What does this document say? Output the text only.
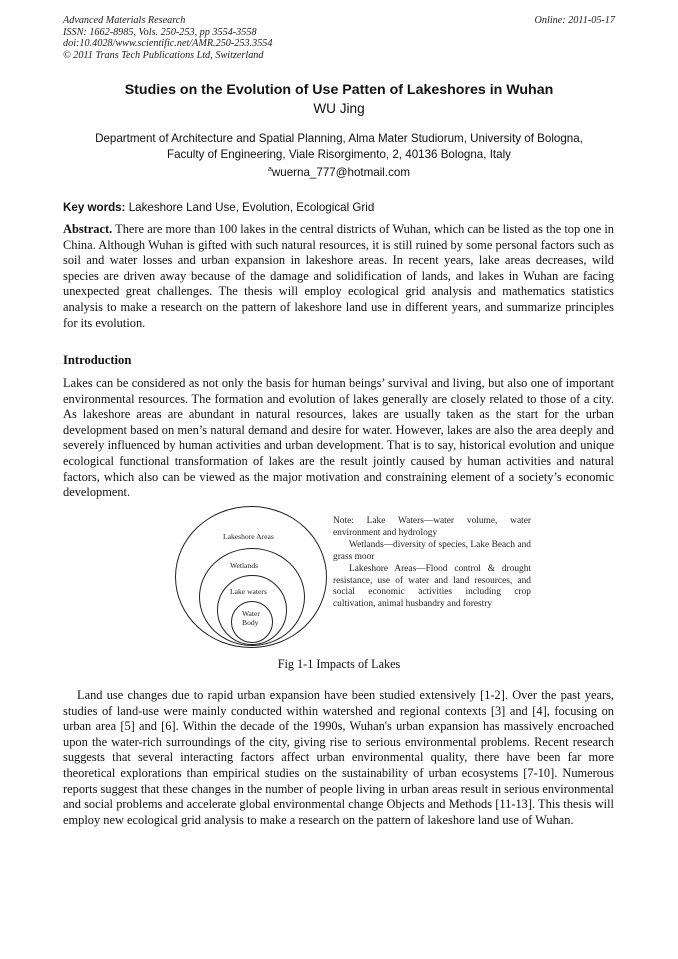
Advanced Materials Research
ISSN: 1662-8985, Vols. 250-253, pp 3554-3558
doi:10.4028/www.scientific.net/AMR.250-253.3554
© 2011 Trans Tech Publications Ltd, Switzerland
Online: 2011-05-17
Studies on the Evolution of Use Patten of Lakeshores in Wuhan
WU Jing
Department of Architecture and Spatial Planning, Alma Mater Studiorum, University of Bologna,
Faculty of Engineering, Viale Risorgimento, 2, 40136 Bologna, Italy
$^a$wuerna_777@hotmail.com
Key words: Lakeshore Land Use, Evolution, Ecological Grid
Abstract. There are more than 100 lakes in the central districts of Wuhan, which can be listed as the top one in China. Although Wuhan is gifted with such natural resources, it is still ruined by some personal factors such as soil and water losses and urban expansion in lakeshore areas. In recent years, lake areas decreases, wild species are driven away because of the damage and solidification of lands, and lakes in Wuhan are facing unexpected great challenges. The thesis will employ ecological grid analysis and mathematics statistics analysis to make a research on the pattern of lakeshore land use in different years, and summarize principles for its evolution.
Introduction
Lakes can be considered as not only the basis for human beings’ survival and living, but also one of important environmental resources. The formation and evolution of lakes generally are closely related to those of a city. As lakeshore areas are abundant in natural resources, lakes are usually taken as the start for the urban development based on men’s natural demand and desire for water. However, lakes are also the area deeply and severely influenced by human activities and urban development. That is to say, historical evolution and unique ecological functional transformation of lakes are the result jointly caused by human activities and natural factors, which also can be viewed as the major motivation and constraining element of a society’s economic development.
Lakeshore Areas
Wetlands
Lake waters
Water
Body
Note: Lake Waters—water volume, water environment and hydrology
Wetlands—diversity of species, Lake Beach and grass moor
Lakeshore Areas—Flood control & drought resistance, use of water and land resources, and social economic activities including crop cultivation, animal husbandry and forestry
Fig 1-1 Impacts of Lakes
Land use changes due to rapid urban expansion have been studied extensively [1-2]. Over the past years, studies of land-use were mainly conducted within watershed and regional contexts [3] and [4], focusing on urban area [5] and [6]. Within the decade of the 1990s, Wuhan's urban expansion has massively encroached upon the water-rich surroundings of the city, giving rise to serious environmental problems. Recent research suggests that several interacting factors affect urban environmental quality, there have been far more theoretical explorations than empirical studies on the sustainability of urban ecosystems [7-10]. Numerous reports suggest that these changes in the number of people living in urban areas result in serious environmental and social problems and accelerate global environmental change Objects and Methods [11-13]. This thesis will employ new ecological grid analysis to make a research on the pattern of lakeshore land use of Wuhan.
